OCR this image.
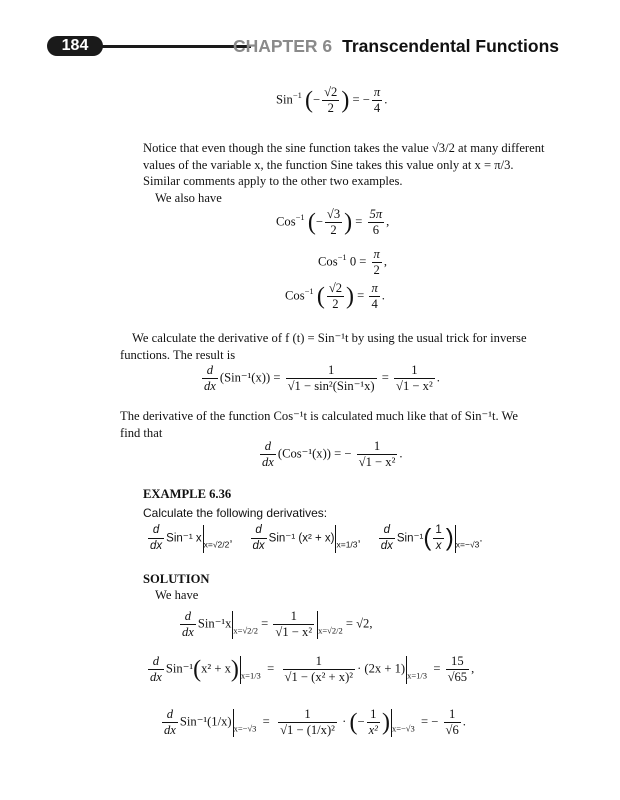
184	CHAPTER 6 Transcendental Functions
Sin$^{-1}$ (− $\frac{√2}{2}$ ) = − $\frac{\pi}{4}$ .
Notice that even though the sine function takes the value √3/2 at many different
values of the variable x, the function Sine takes this value only at x = π/3.
Similar comments apply to the other two examples.
We also have
Cos$^{-1}$ (− $\frac{√3}{2}$ ) = $\frac{5\pi}{6}$ ,
Cos$^{-1}$ $0 = \frac{\pi}{2}$ ,
Cos$^{-1}$ ( $\frac{√2}{2}$ ) = $\frac{\pi}{4}$ .
We calculate the derivative of f (t) = Sin⁻¹t by using the usual trick for inverse
functions. The result is
$\frac{d}{dx} (Sin^{-1}(x)) = \frac{1}{\text{√1 − sin²(Sin⁻¹x)}} = \frac{1}{\text{√1 − x²}}$ .
The derivative of the function Cos⁻¹t is calculated much like that of Sin⁻¹t. We
find that
$\frac{d}{dx} (Cos^{-1}(x))$ = − $\frac{1}{\text{√1 − x²}}$ .
EXAMPLE 6.36
Calculate the following derivatives:
$\frac{d}{dx} Sin^{-1}$ x $_{x=√2/2}$, $\frac{d}{dx} Sin^{-1}$ (x² + x) $_{x=1/3}$, $\frac{d}{dx} Sin^{-1}( \frac{1}{x}$ ) $_{x=-√3}$.
SOLUTION
We have
$\frac{d}{dx} Sin^{-1}x$ $_{x=√2/2} = \frac{1}{\text{√1 − x²}} _{x=√2/2} = √2$,
$\frac{d}{dx} Sin^{-1}(x^2 + x) _{x=1/3} = \frac{1}{\text{√1 − (x² + x)²}} \cdot (2x + 1) _{x=1/3} = \frac{15}{√65}$ ,
$\frac{d}{dx} Sin^{-1}(1/x) _{x=-√3} = \frac{1}{\text{√1 − (1/x)²}}$ · (− $\frac{1}{\text{x²}}$ ) $_{x=-√3}$ = − $\frac{1}{√6}$ .
